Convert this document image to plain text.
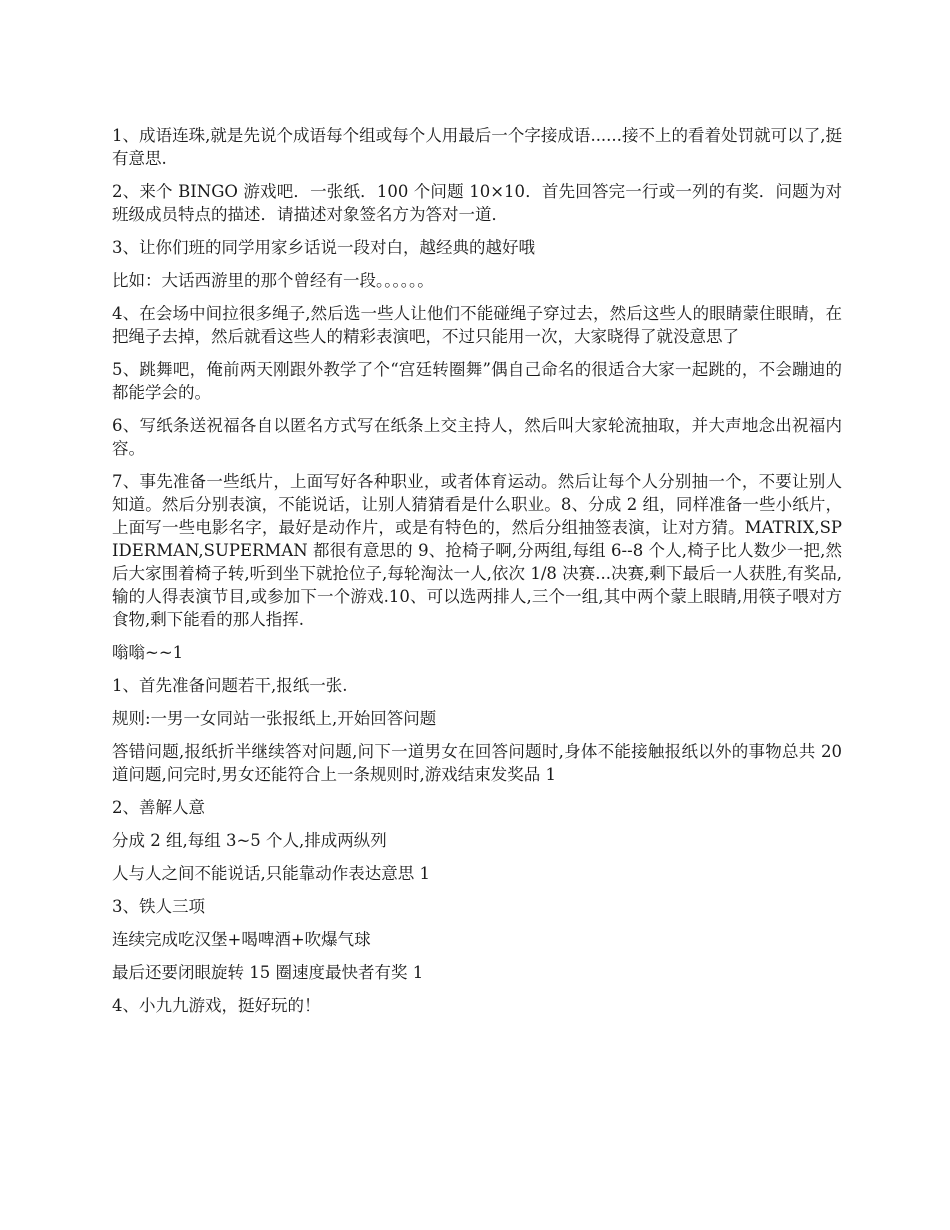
1、成语连珠,就是先说个成语每个组或每个人用最后一个字接成语......接不上的看着处罚就可以了,挺有意思.

2、来个 BINGO 游戏吧．一张纸．100 个问题 10×10．首先回答完一行或一列的有奖．问题为对班级成员特点的描述．请描述对象签名方为答对一道．

3、让你们班的同学用家乡话说一段对白，越经典的越好哦

比如：大话西游里的那个曾经有一段。。。。。。

4、在会场中间拉很多绳子,然后选一些人让他们不能碰绳子穿过去，然后这些人的眼睛蒙住眼睛，在把绳子去掉，然后就看这些人的精彩表演吧，不过只能用一次，大家晓得了就没意思了

5、跳舞吧，俺前两天刚跟外教学了个“宫廷转圈舞”偶自己命名的很适合大家一起跳的，不会蹦迪的都能学会的。

6、写纸条送祝福各自以匿名方式写在纸条上交主持人，然后叫大家轮流抽取，并大声地念出祝福内容。

7、事先准备一些纸片，上面写好各种职业，或者体育运动。然后让每个人分别抽一个，不要让别人知道。然后分别表演，不能说话，让别人猜猜看是什么职业。8、分成 2 组，同样准备一些小纸片，上面写一些电影名字，最好是动作片，或是有特色的，然后分组抽签表演，让对方猜。MATRIX,SPIDERMAN,SUPERMAN 都很有意思的 9、抢椅子啊,分两组,每组 6--8 个人,椅子比人数少一把,然后大家围着椅子转,听到坐下就抢位子,每轮淘汰一人,依次 1/8 决赛...决赛,剩下最后一人获胜,有奖品,输的人得表演节目,或参加下一个游戏.10、可以选两排人,三个一组,其中两个蒙上眼睛,用筷子喂对方食物,剩下能看的那人指挥.

嗡嗡~~1

1、首先准备问题若干,报纸一张.

规则:一男一女同站一张报纸上,开始回答问题

答错问题,报纸折半继续答对问题,问下一道男女在回答问题时,身体不能接触报纸以外的事物总共 20 道问题,问完时,男女还能符合上一条规则时,游戏结束发奖品 1

2、善解人意

分成 2 组,每组 3~5 个人,排成两纵列

人与人之间不能说话,只能靠动作表达意思 1

3、铁人三项

连续完成吃汉堡+喝啤酒+吹爆气球

最后还要闭眼旋转 15 圈速度最快者有奖 1

4、小九九游戏，挺好玩的！
